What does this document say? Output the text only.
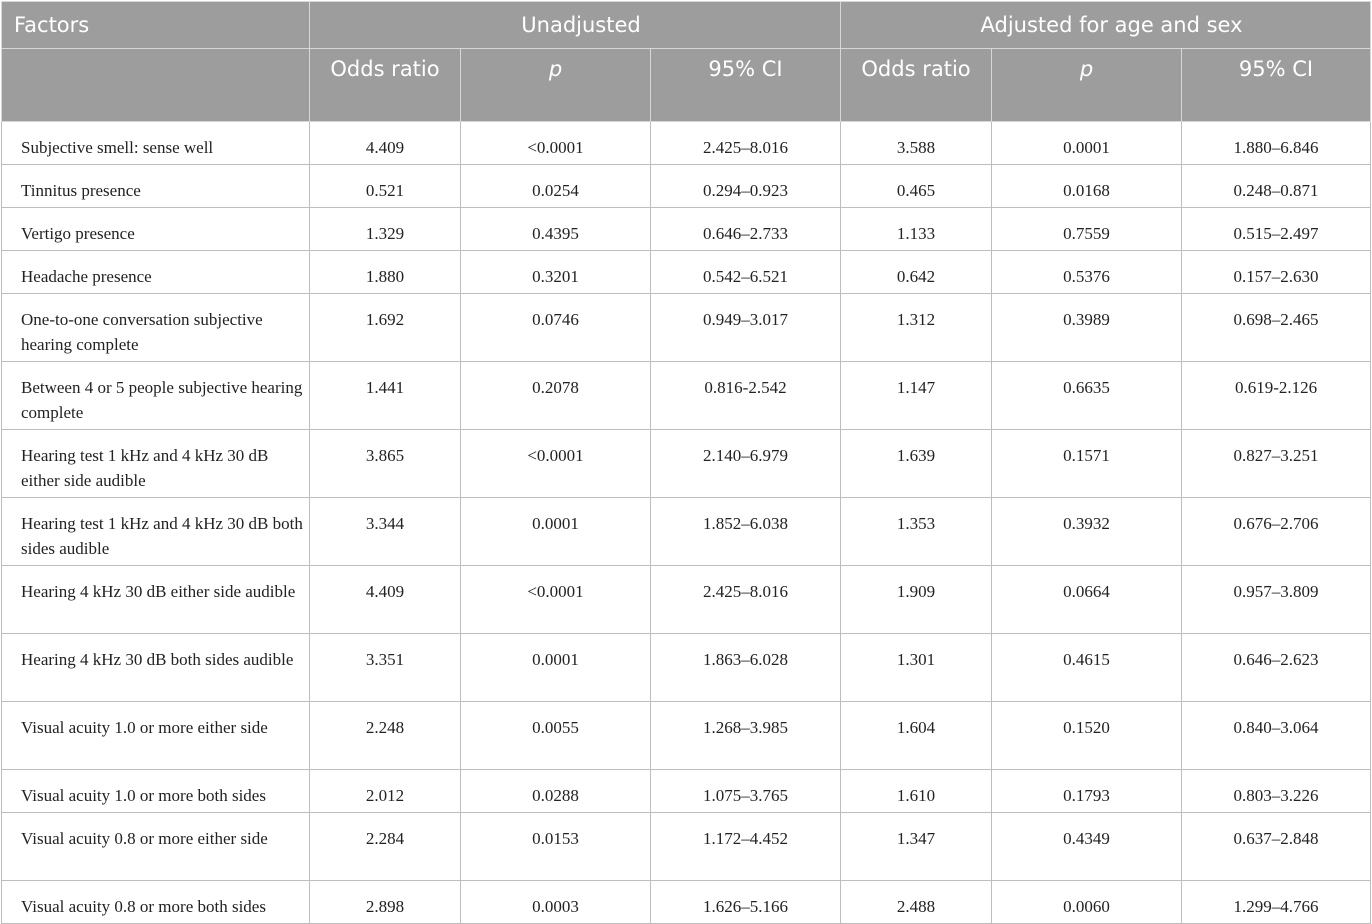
Factors	Unadjusted			Adjusted for age and sex		
	Odds ratio	p	95% CI	Odds ratio	p	95% CI
Subjective smell: sense well	4.409	<0.0001	2.425–8.016	3.588	0.0001	1.880–6.846
Tinnitus presence	0.521	0.0254	0.294–0.923	0.465	0.0168	0.248–0.871
Vertigo presence	1.329	0.4395	0.646–2.733	1.133	0.7559	0.515–2.497
Headache presence	1.880	0.3201	0.542–6.521	0.642	0.5376	0.157–2.630
One-to-one conversation subjective hearing complete	1.692	0.0746	0.949–3.017	1.312	0.3989	0.698–2.465
Between 4 or 5 people subjective hearing complete	1.441	0.2078	0.816-2.542	1.147	0.6635	0.619-2.126
Hearing test 1 kHz and 4 kHz 30 dB either side audible	3.865	<0.0001	2.140–6.979	1.639	0.1571	0.827–3.251
Hearing test 1 kHz and 4 kHz 30 dB both sides audible	3.344	0.0001	1.852–6.038	1.353	0.3932	0.676–2.706
Hearing 4 kHz 30 dB either side audible	4.409	<0.0001	2.425–8.016	1.909	0.0664	0.957–3.809
Hearing 4 kHz 30 dB both sides audible	3.351	0.0001	1.863–6.028	1.301	0.4615	0.646–2.623
Visual acuity 1.0 or more either side	2.248	0.0055	1.268–3.985	1.604	0.1520	0.840–3.064
Visual acuity 1.0 or more both sides	2.012	0.0288	1.075–3.765	1.610	0.1793	0.803–3.226
Visual acuity 0.8 or more either side	2.284	0.0153	1.172–4.452	1.347	0.4349	0.637–2.848
Visual acuity 0.8 or more both sides	2.898	0.0003	1.626–5.166	2.488	0.0060	1.299–4.766
